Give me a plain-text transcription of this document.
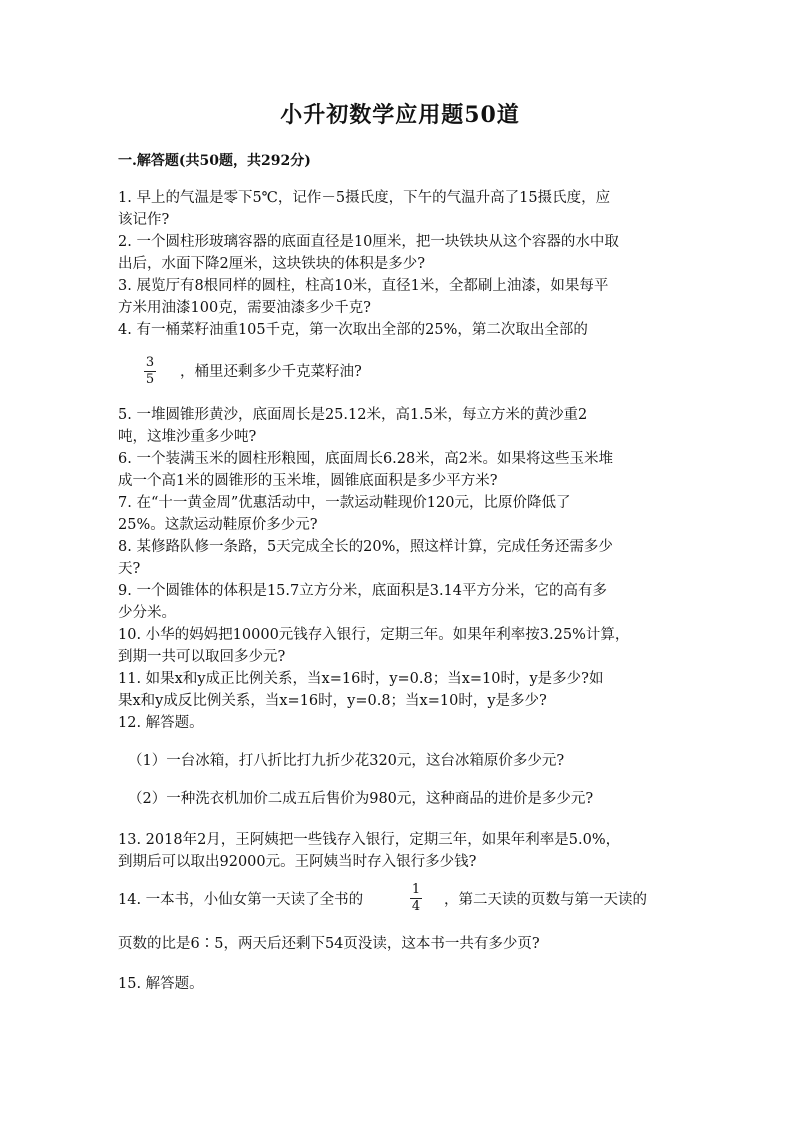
小升初数学应用题50道
一.解答题(共50题，共292分)
1. 早上的气温是零下5℃，记作－5摄氏度，下午的气温升高了15摄氏度，应
该记作?
2. 一个圆柱形玻璃容器的底面直径是10厘米，把一块铁块从这个容器的水中取
出后，水面下降2厘米，这块铁块的体积是多少?
3. 展览厅有8根同样的圆柱，柱高10米，直径1米，全都刷上油漆，如果每平
方米用油漆100克，需要油漆多少千克?
4. 有一桶菜籽油重105千克，第一次取出全部的25%，第二次取出全部的
3
5 ，桶里还剩多少千克菜籽油?
5. 一堆圆锥形黄沙，底面周长是25.12米，高1.5米，每立方米的黄沙重2
吨，这堆沙重多少吨?
6. 一个装满玉米的圆柱形粮囤，底面周长6.28米，高2米。如果将这些玉米堆
成一个高1米的圆锥形的玉米堆，圆锥底面积是多少平方米?
7. 在“十一黄金周”优惠活动中，一款运动鞋现价120元，比原价降低了
25%。这款运动鞋原价多少元?
8. 某修路队修一条路，5天完成全长的20%，照这样计算，完成任务还需多少
天?
9. 一个圆锥体的体积是15.7立方分米，底面积是3.14平方分米，它的高有多
少分米。
10. 小华的妈妈把10000元钱存入银行，定期三年。如果年利率按3.25%计算，
到期一共可以取回多少元?
11. 如果x和y成正比例关系，当x=16时，y=0.8；当x=10时，y是多少?如
果x和y成反比例关系，当x=16时，y=0.8；当x=10时，y是多少?
12. 解答题。
（1）一台冰箱，打八折比打九折少花320元，这台冰箱原价多少元?
（2）一种洗衣机加价二成五后售价为980元，这种商品的进价是多少元?
13. 2018年2月，王阿姨把一些钱存入银行，定期三年，如果年利率是5.0%，
到期后可以取出92000元。王阿姨当时存入银行多少钱?
14. 一本书，小仙女第一天读了全书的
1
4 ，第二天读的页数与第一天读的
页数的比是6∶5，两天后还剩下54页没读，这本书一共有多少页?
15. 解答题。
